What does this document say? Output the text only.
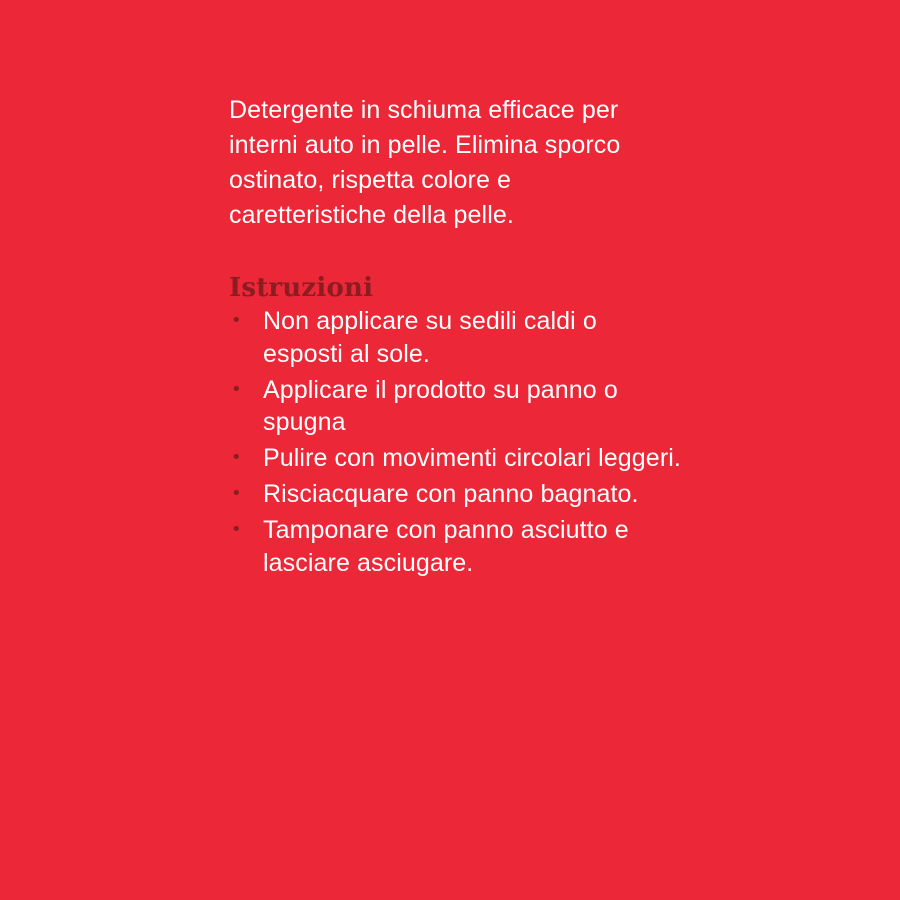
Detergente in schiuma efficace per interni auto in pelle. Elimina sporco ostinato, rispetta colore e caretteristiche della pelle.

Istruzioni
• Non applicare su sedili caldi o esposti al sole.
• Applicare il prodotto su panno o spugna
• Pulire con movimenti circolari leggeri.
• Risciacquare con panno bagnato.
• Tamponare con panno asciutto e lasciare asciugare.
